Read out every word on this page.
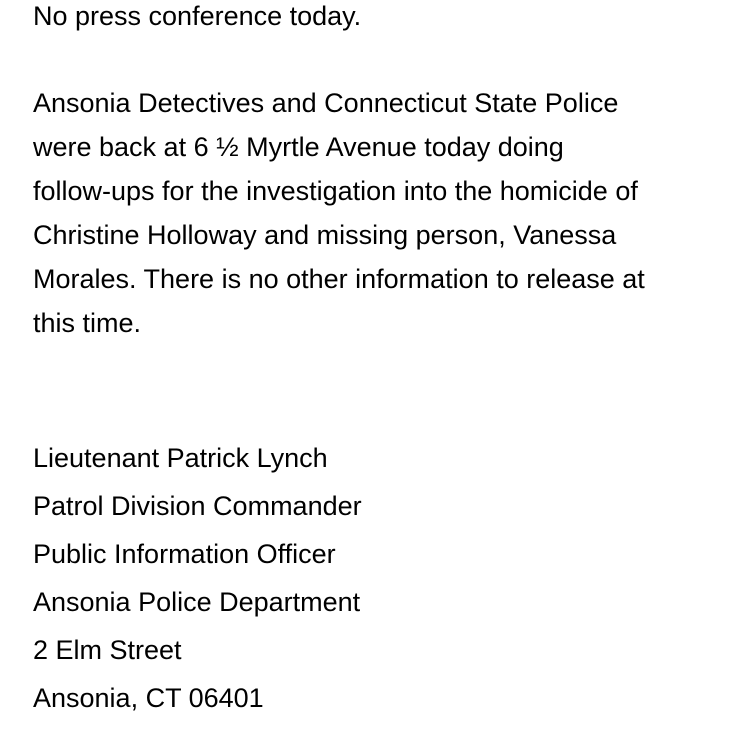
No press conference today.
Ansonia Detectives and Connecticut State Police
were back at 6 ½ Myrtle Avenue today doing
follow-ups for the investigation into the homicide of
Christine Holloway and missing person, Vanessa
Morales. There is no other information to release at
this time.
Lieutenant Patrick Lynch
Patrol Division Commander
Public Information Officer
Ansonia Police Department
2 Elm Street
Ansonia, CT 06401
